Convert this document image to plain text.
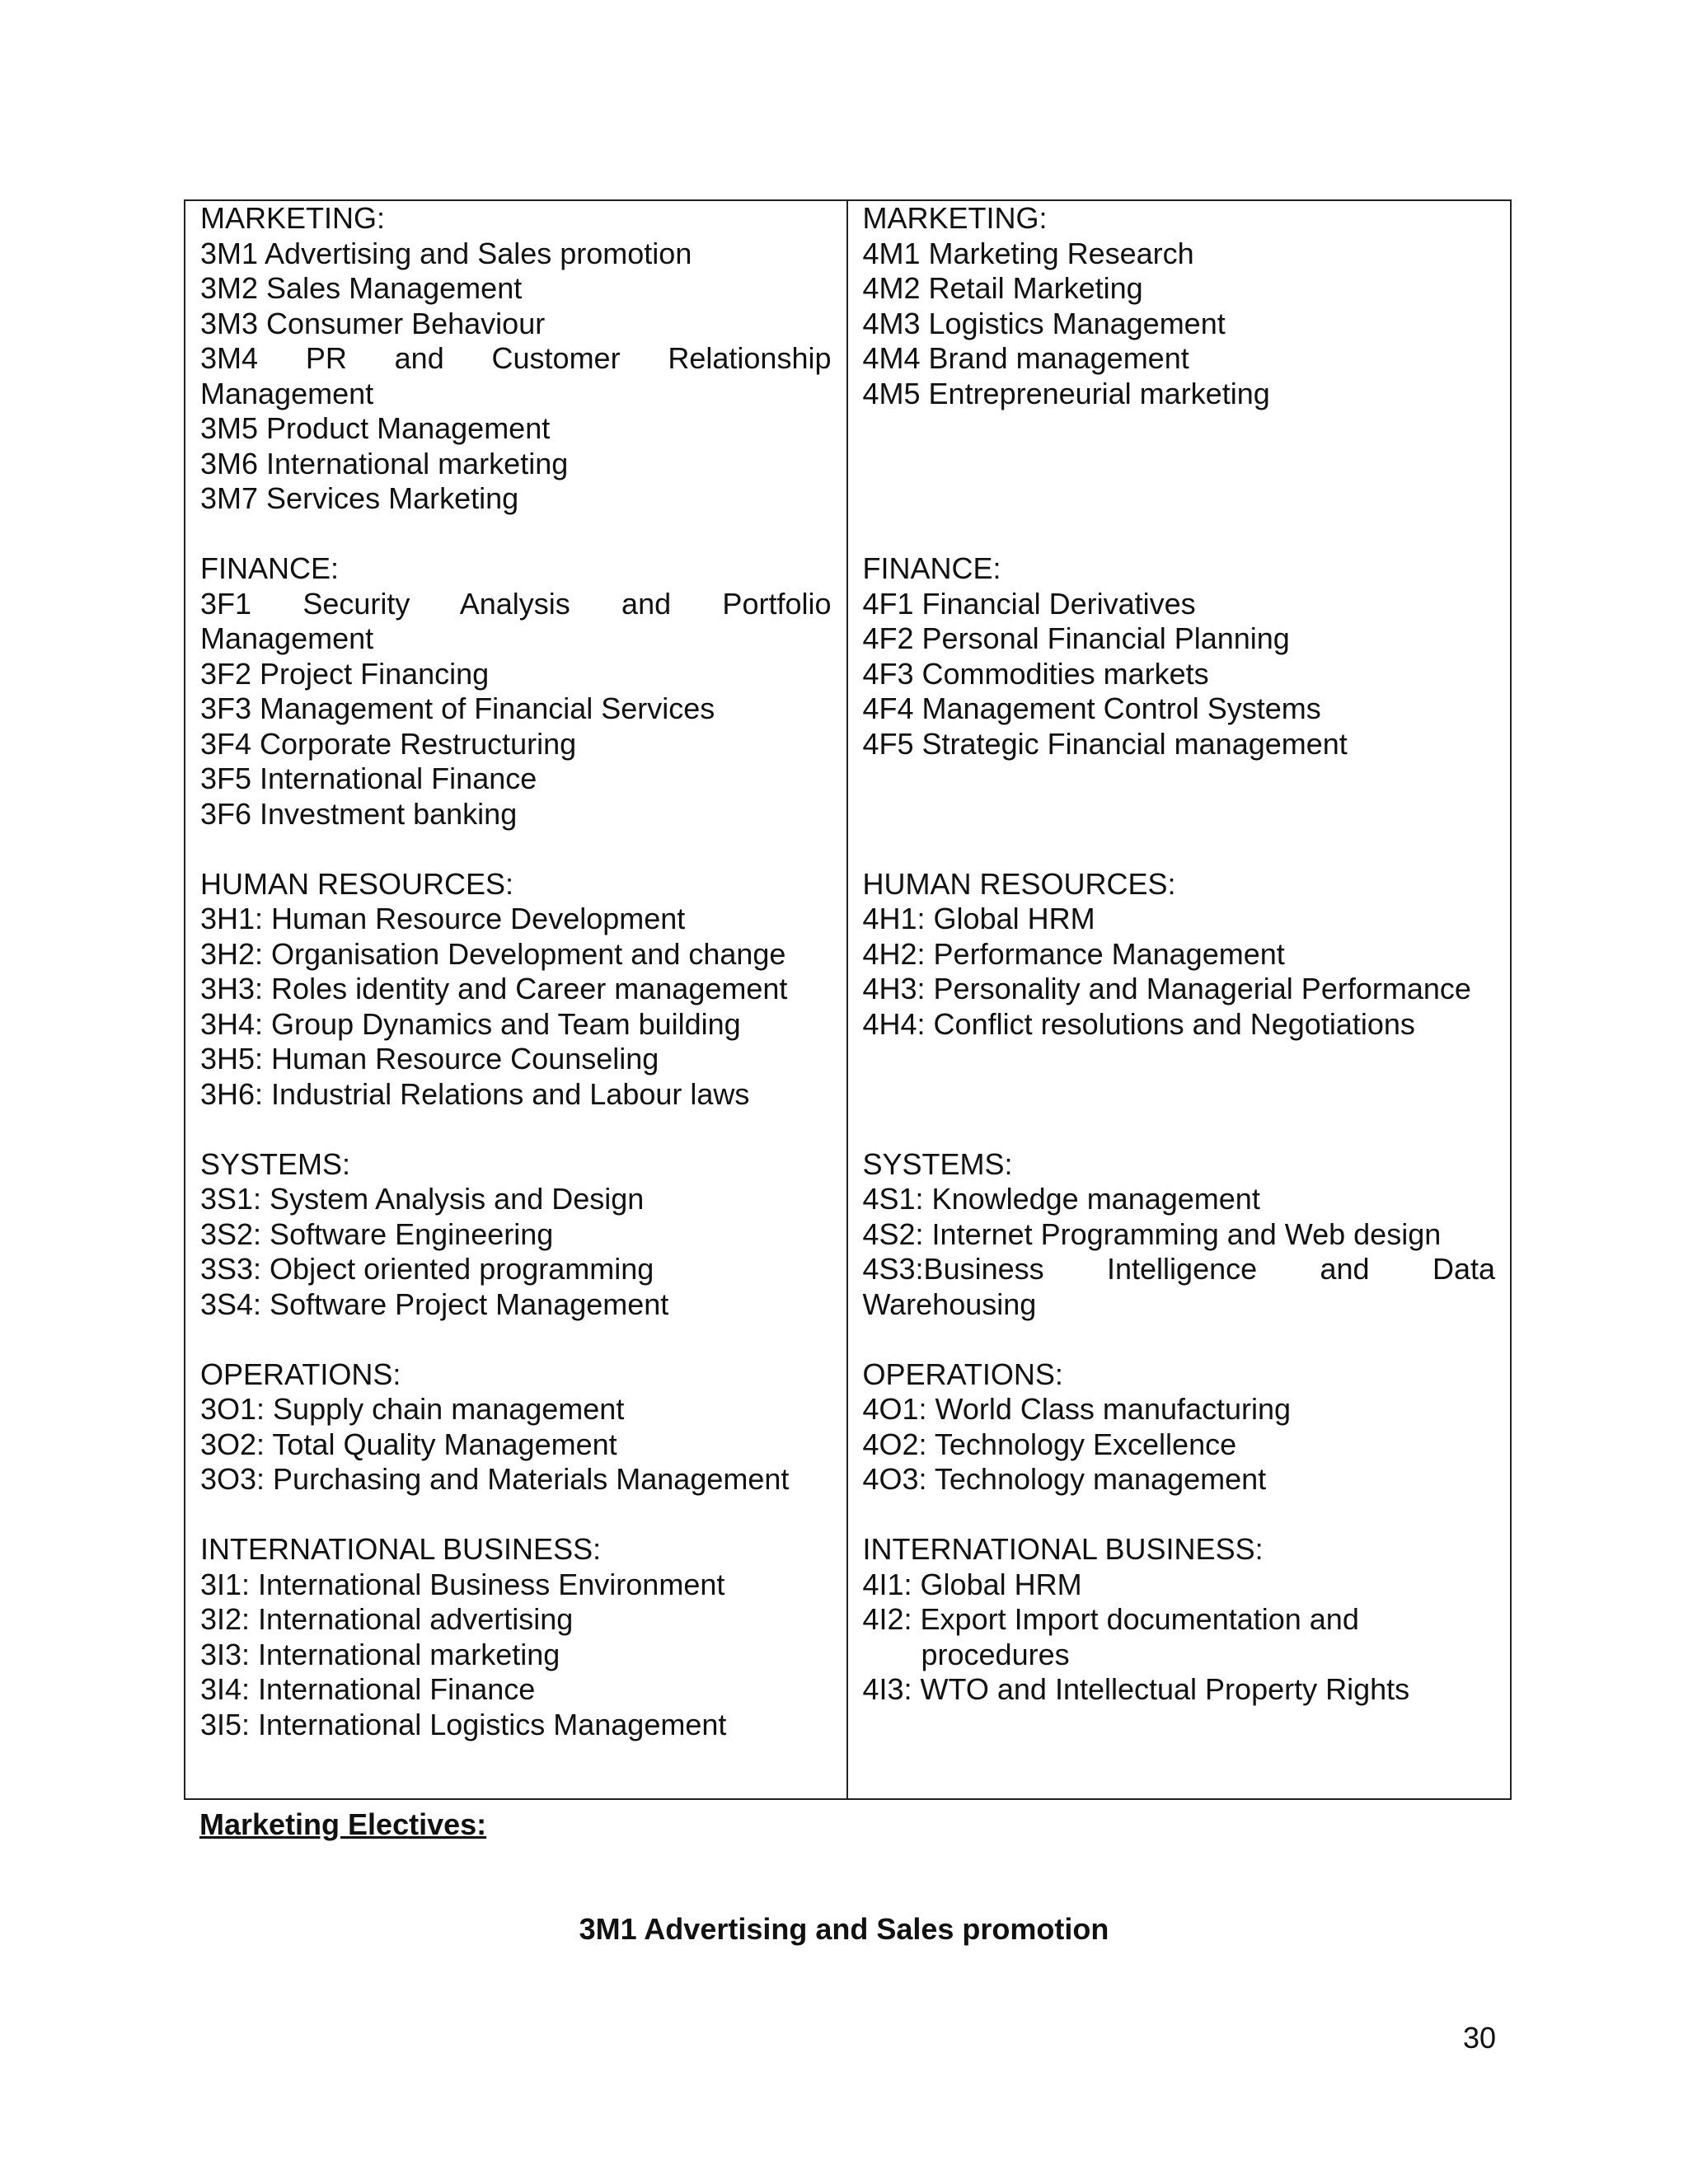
MARKETING:
3M1 Advertising and Sales promotion
3M2 Sales Management
3M3 Consumer Behaviour
3M4 PR and Customer Relationship Management
3M5 Product Management
3M6 International marketing
3M7 Services Marketing
FINANCE:
3F1 Security Analysis and Portfolio Management
3F2 Project Financing
3F3 Management of Financial Services
3F4 Corporate Restructuring
3F5 International Finance
3F6 Investment banking
HUMAN RESOURCES:
3H1: Human Resource Development
3H2: Organisation Development and change
3H3: Roles identity and Career management
3H4: Group Dynamics and Team building
3H5: Human Resource Counseling
3H6: Industrial Relations and Labour laws
SYSTEMS:
3S1: System Analysis and Design
3S2: Software Engineering
3S3: Object oriented programming
3S4: Software Project Management
OPERATIONS:
3O1: Supply chain management
3O2: Total Quality Management
3O3: Purchasing and Materials Management
INTERNATIONAL BUSINESS:
3I1: International Business Environment
3I2: International advertising
3I3: International marketing
3I4: International Finance
3I5: International Logistics Management
MARKETING:
4M1 Marketing Research
4M2 Retail Marketing
4M3 Logistics Management
4M4 Brand management
4M5 Entrepreneurial marketing

FINANCE:
4F1 Financial Derivatives
4F2 Personal Financial Planning
4F3 Commodities markets
4F4 Management Control Systems
4F5 Strategic Financial management

HUMAN RESOURCES:
4H1: Global HRM
4H2: Performance Management
4H3: Personality and Managerial Performance
4H4: Conflict resolutions and Negotiations

SYSTEMS:
4S1: Knowledge management
4S2: Internet Programming and Web design
4S3:Business Intelligence and Data Warehousing
OPERATIONS:
4O1: World Class manufacturing
4O2: Technology Excellence
4O3: Technology management
INTERNATIONAL BUSINESS:
4I1: Global HRM
4I2: Export Import documentation and procedures
4I3: WTO and Intellectual Property Rights
Marketing Electives:
3M1 Advertising and Sales promotion
30
